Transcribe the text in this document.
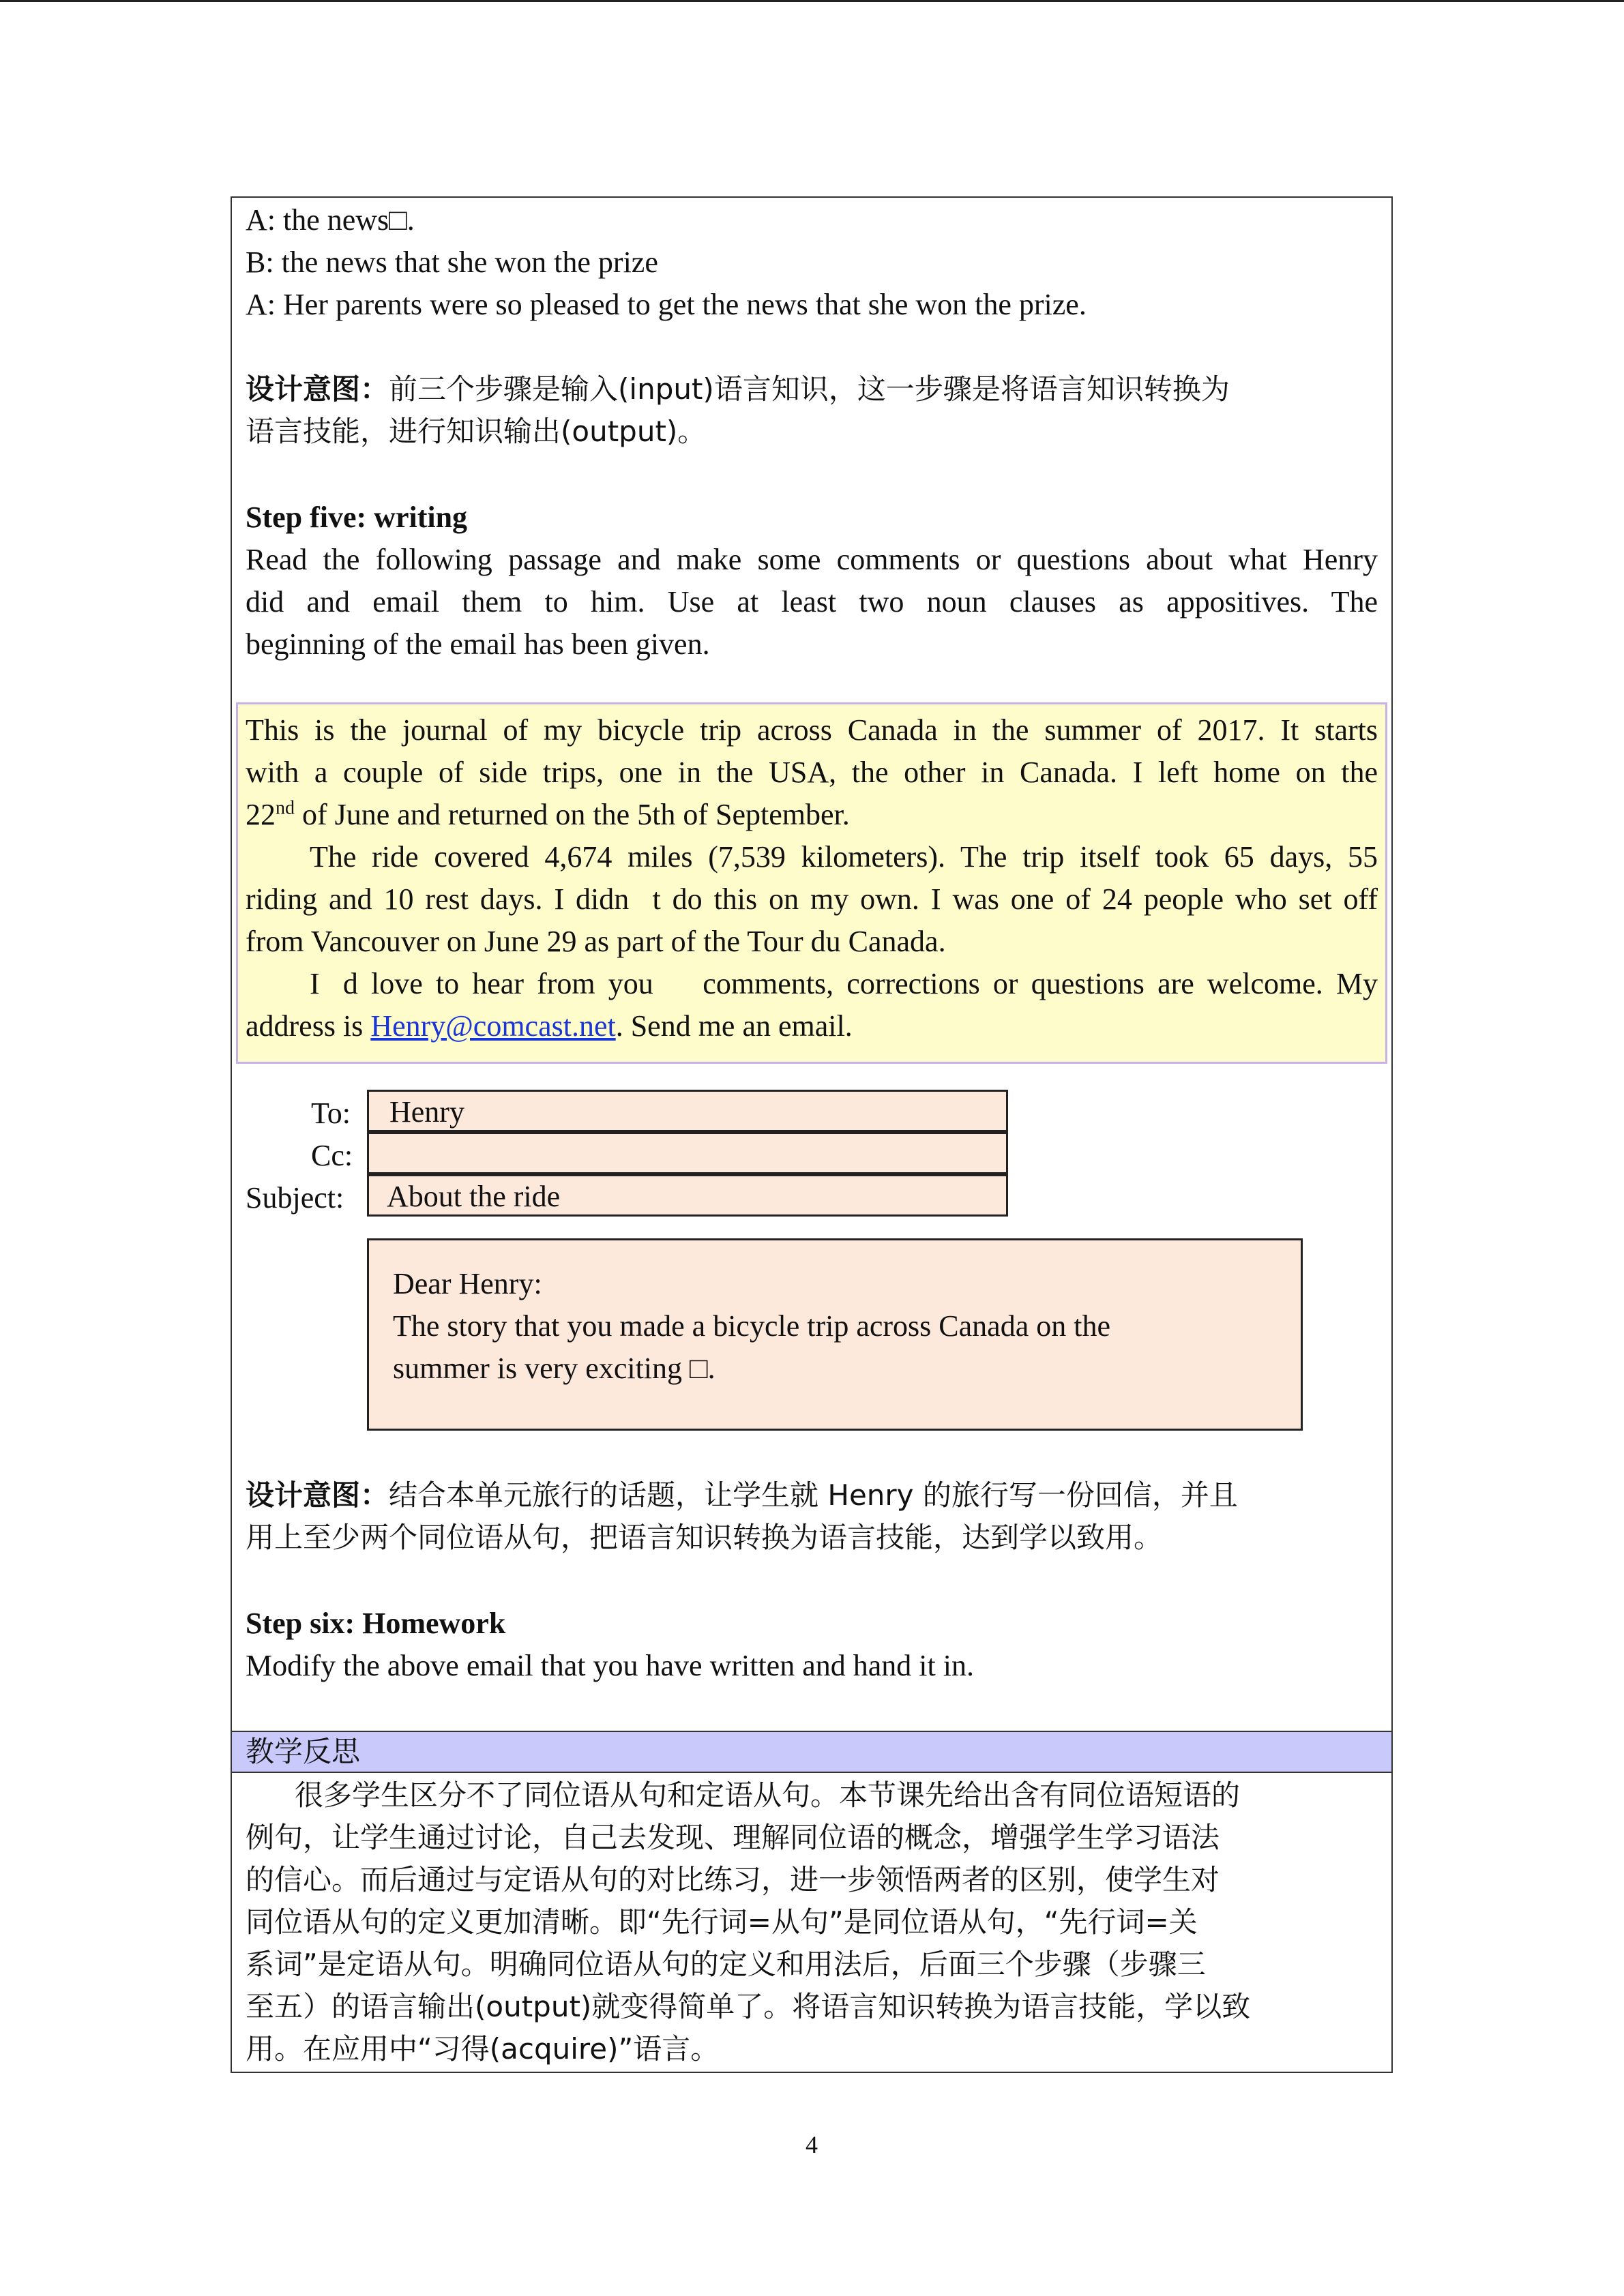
A: the news□.
B: the news that she won the prize
A: Her parents were so pleased to get the news that she won the prize.
设计意图：前三个步骤是输入(input)语言知识，这一步骤是将语言知识转换为
语言技能，进行知识输出(output)。
Step five: writing
Read the following passage and make some comments or questions about what Henry
did and email them to him. Use at least two noun clauses as appositives. The
beginning of the email has been given.
This is the journal of my bicycle trip across Canada in the summer of 2017. It starts
with a couple of side trips, one in the USA, the other in Canada. I left home on the
22nd of June and returned on the 5th of September.
The ride covered 4,674 miles (7,539 kilometers). The trip itself took 65 days, 55
riding and 10 rest days. I didn t do this on my own. I was one of 24 people who set off
from Vancouver on June 29 as part of the Tour du Canada.
I d love to hear from you   comments, corrections or questions are welcome. My
address is Henry@comcast.net. Send me an email.
To: Henry
Cc:
Subject: About the ride
Dear Henry:
The story that you made a bicycle trip across Canada on the
summer is very exciting □.
设计意图：结合本单元旅行的话题，让学生就 Henry 的旅行写一份回信，并且
用上至少两个同位语从句，把语言知识转换为语言技能，达到学以致用。
Step six: Homework
Modify the above email that you have written and hand it in.
教学反思
很多学生区分不了同位语从句和定语从句。本节课先给出含有同位语短语的
例句，让学生通过讨论，自己去发现、理解同位语的概念，增强学生学习语法
的信心。而后通过与定语从句的对比练习，进一步领悟两者的区别，使学生对
同位语从句的定义更加清晰。即“先行词=从句”是同位语从句，“先行词=关
系词”是定语从句。明确同位语从句的定义和用法后，后面三个步骤（步骤三
至五）的语言输出(output)就变得简单了。将语言知识转换为语言技能，学以致
用。在应用中“习得(acquire)”语言。
4
